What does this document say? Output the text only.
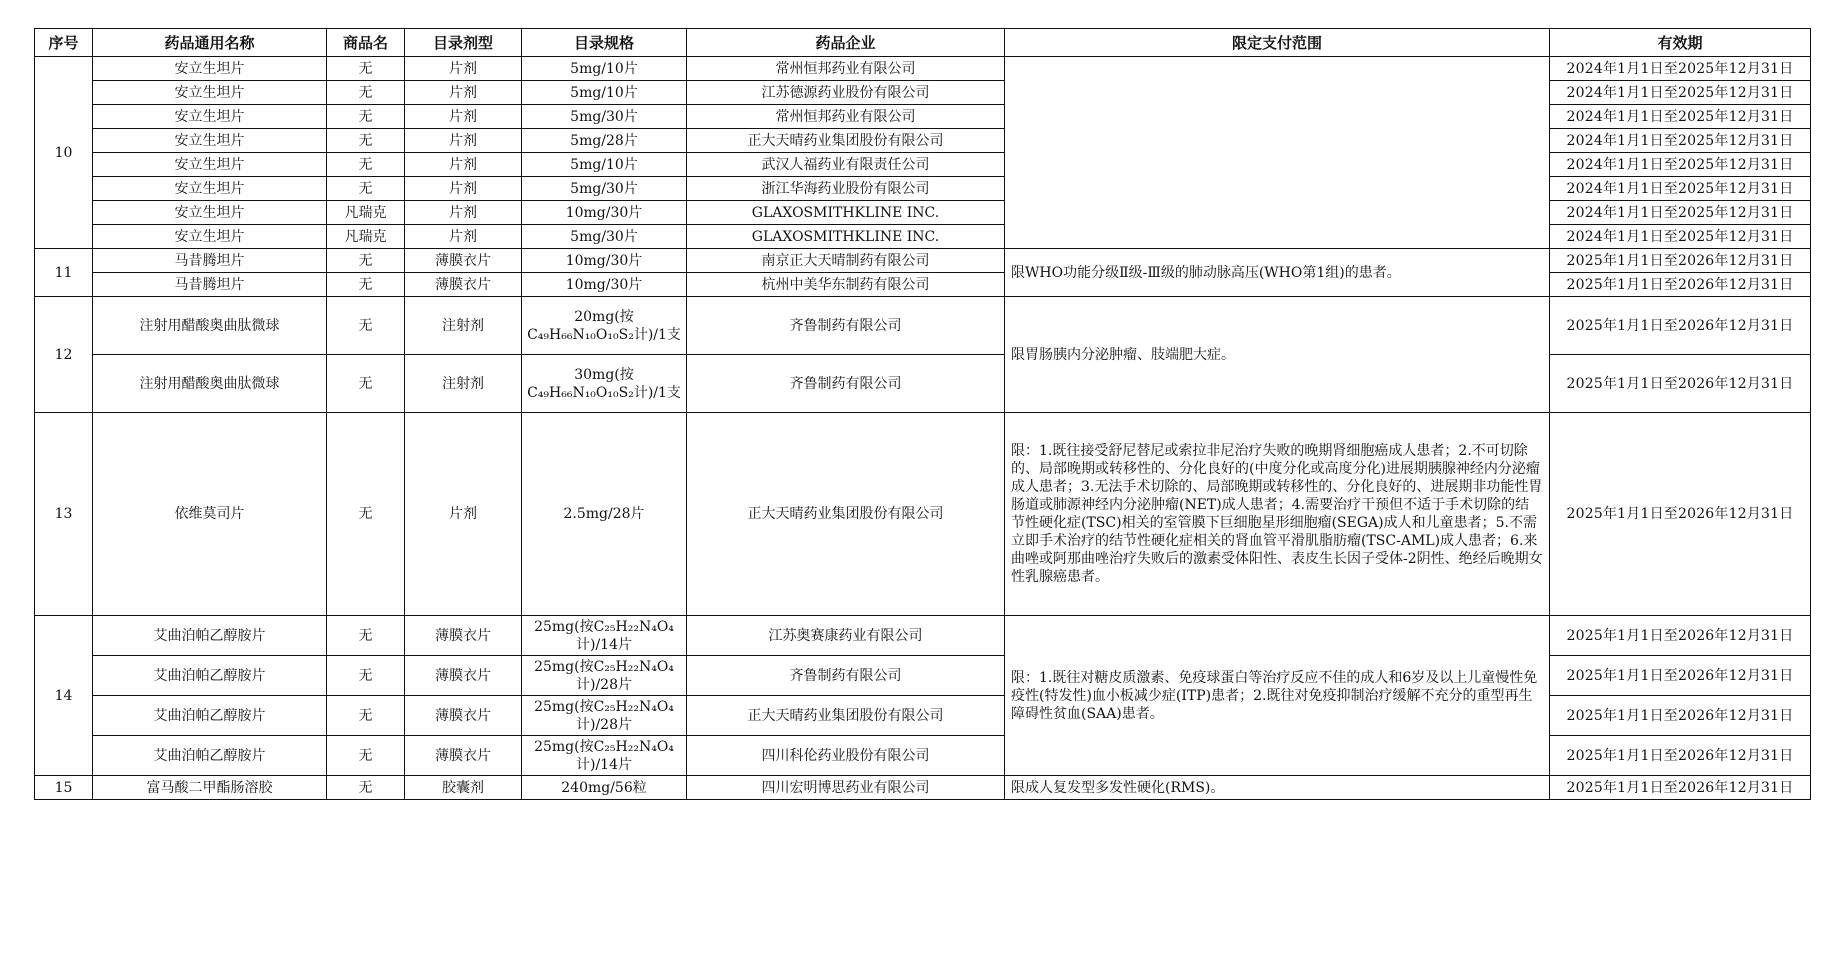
序号	药品通用名称	商品名	目录剂型	目录规格	药品企业	限定支付范围	有效期
10	安立生坦片	无	片剂	5mg/10片	常州恒邦药业有限公司		2024年1月1日至2025年12月31日
	安立生坦片	无	片剂	5mg/10片	江苏德源药业股份有限公司		2024年1月1日至2025年12月31日
	安立生坦片	无	片剂	5mg/30片	常州恒邦药业有限公司		2024年1月1日至2025年12月31日
	安立生坦片	无	片剂	5mg/28片	正大天晴药业集团股份有限公司		2024年1月1日至2025年12月31日
	安立生坦片	无	片剂	5mg/10片	武汉人福药业有限责任公司		2024年1月1日至2025年12月31日
	安立生坦片	无	片剂	5mg/30片	浙江华海药业股份有限公司		2024年1月1日至2025年12月31日
	安立生坦片	凡瑞克	片剂	10mg/30片	GLAXOSMITHKLINE INC.		2024年1月1日至2025年12月31日
	安立生坦片	凡瑞克	片剂	5mg/30片	GLAXOSMITHKLINE INC.		2024年1月1日至2025年12月31日
11	马昔腾坦片	无	薄膜衣片	10mg/30片	南京正大天晴制药有限公司	限WHO功能分级Ⅱ级-Ⅲ级的肺动脉高压(WHO第1组)的患者。	2025年1月1日至2026年12月31日
	马昔腾坦片	无	薄膜衣片	10mg/30片	杭州中美华东制药有限公司		2025年1月1日至2026年12月31日
12	注射用醋酸奥曲肽微球	无	注射剂	20mg(按C₄₉H₆₆N₁₀O₁₀S₂计)/1支	齐鲁制药有限公司	限胃肠胰内分泌肿瘤、肢端肥大症。	2025年1月1日至2026年12月31日
	注射用醋酸奥曲肽微球	无	注射剂	30mg(按C₄₉H₆₆N₁₀O₁₀S₂计)/1支	齐鲁制药有限公司		2025年1月1日至2026年12月31日
13	依维莫司片	无	片剂	2.5mg/28片	正大天晴药业集团股份有限公司	限：1.既往接受舒尼替尼或索拉非尼治疗失败的晚期肾细胞癌成人患者；2.不可切除的、局部晚期或转移性的、分化良好的(中度分化或高度分化)进展期胰腺神经内分泌瘤成人患者；3.无法手术切除的、局部晚期或转移性的、分化良好的、进展期非功能性胃肠道或肺源神经内分泌肿瘤(NET)成人患者；4.需要治疗干预但不适于手术切除的结节性硬化症(TSC)相关的室管膜下巨细胞星形细胞瘤(SEGA)成人和儿童患者；5.不需立即手术治疗的结节性硬化症相关的肾血管平滑肌脂肪瘤(TSC-AML)成人患者；6.来曲唑或阿那曲唑治疗失败后的激素受体阳性、表皮生长因子受体-2阴性、绝经后晚期女性乳腺癌患者。	2025年1月1日至2026年12月31日
14	艾曲泊帕乙醇胺片	无	薄膜衣片	25mg(按C₂₅H₂₂N₄O₄计)/14片	江苏奥赛康药业有限公司	限：1.既往对糖皮质激素、免疫球蛋白等治疗反应不佳的成人和6岁及以上儿童慢性免疫性(特发性)血小板减少症(ITP)患者；2.既往对免疫抑制治疗缓解不充分的重型再生障碍性贫血(SAA)患者。	2025年1月1日至2026年12月31日
	艾曲泊帕乙醇胺片	无	薄膜衣片	25mg(按C₂₅H₂₂N₄O₄计)/28片	齐鲁制药有限公司		2025年1月1日至2026年12月31日
	艾曲泊帕乙醇胺片	无	薄膜衣片	25mg(按C₂₅H₂₂N₄O₄计)/28片	正大天晴药业集团股份有限公司		2025年1月1日至2026年12月31日
	艾曲泊帕乙醇胺片	无	薄膜衣片	25mg(按C₂₅H₂₂N₄O₄计)/14片	四川科伦药业股份有限公司		2025年1月1日至2026年12月31日
15	富马酸二甲酯肠溶胶	无	胶囊剂	240mg/56粒	四川宏明博思药业有限公司	限成人复发型多发性硬化(RMS)。	2025年1月1日至2026年12月31日
